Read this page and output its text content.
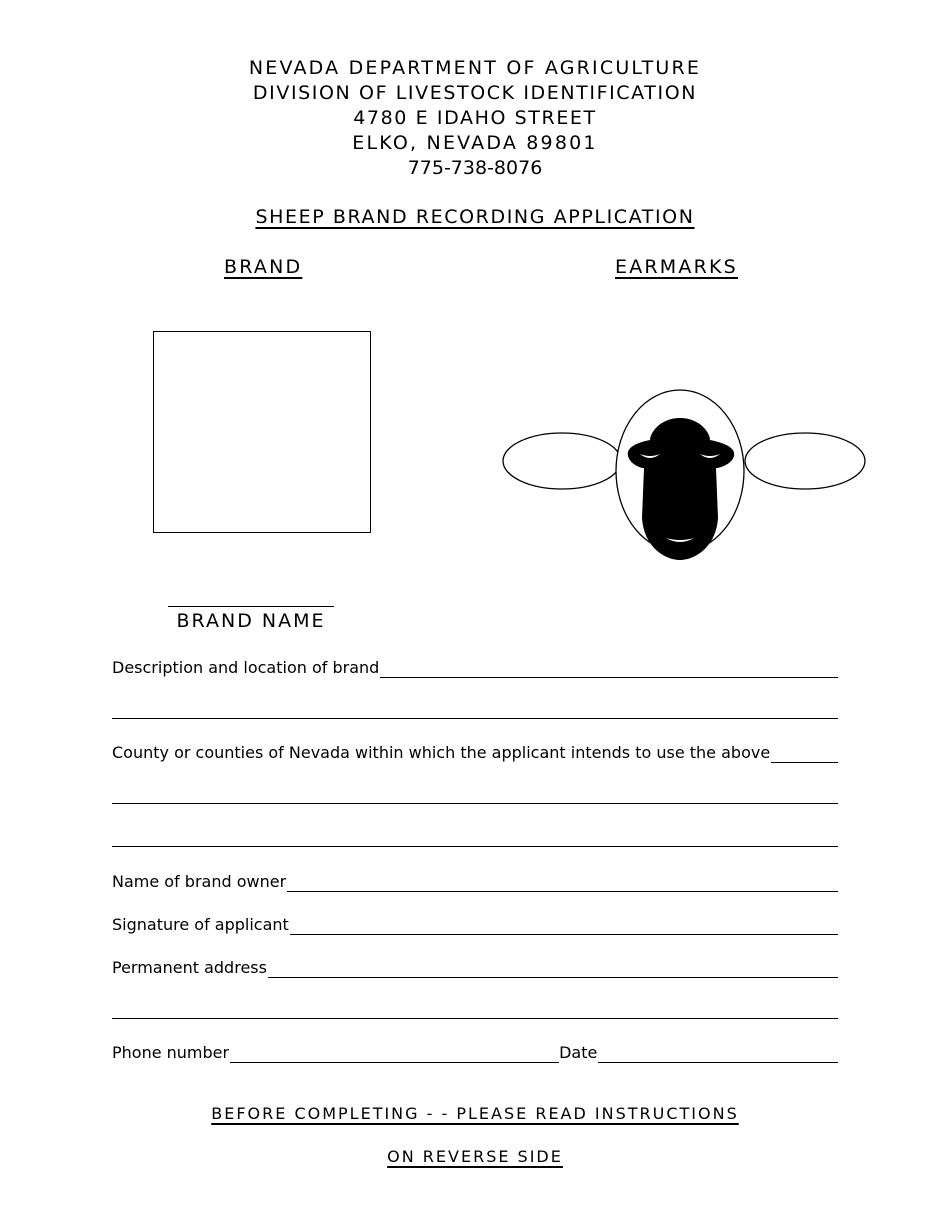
NEVADA DEPARTMENT OF AGRICULTURE
DIVISION OF LIVESTOCK IDENTIFICATION
4780 E IDAHO STREET
ELKO, NEVADA 89801
775-738-8076
SHEEP BRAND RECORDING APPLICATION
BRAND	EARMARKS
BRAND NAME
Description and location of brand
County or counties of Nevada within which the applicant intends to use the above
Name of brand owner
Signature of applicant
Permanent address
Phone number	Date
BEFORE COMPLETING - - PLEASE READ INSTRUCTIONS
ON REVERSE SIDE
